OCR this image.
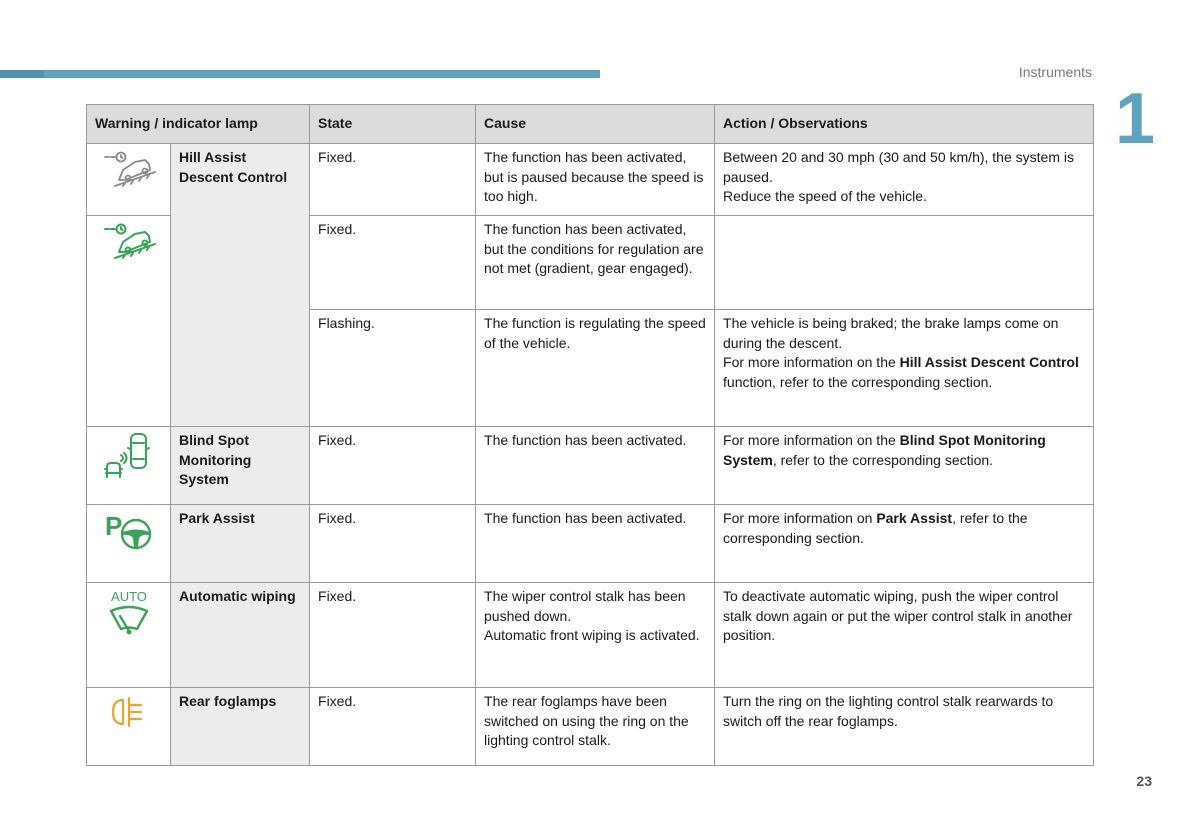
Instruments
1
23
Warning / indicator lamp		State	Cause	Action / Observations
	Hill Assist Descent Control	Fixed.	The function has been activated, but is paused because the speed is too high.	Between 20 and 30 mph (30 and 50 km/h), the system is paused.
Reduce the speed of the vehicle.

	Fixed.	The function has been activated, but the conditions for regulation are not met (gradient, gear engaged).	
		Flashing.	The function is regulating the speed of the vehicle.	The vehicle is being braked; the brake lamps come on during the descent.
For more information on the Hill Assist Descent Control function, refer to the corresponding section.

	Blind Spot Monitoring System	Fixed.	The function has been activated.	For more information on the Blind Spot Monitoring System, refer to the corresponding section.

P	Park Assist	Fixed.	The function has been activated.	For more information on Park Assist, refer to the corresponding section.

AUTO	Automatic wiping	Fixed.	The wiper control stalk has been pushed down.
Automatic front wiping is activated.	To deactivate automatic wiping, push the wiper control stalk down again or put the wiper control stalk in another position.
	Rear foglamps	Fixed.	The rear foglamps have been switched on using the ring on the lighting control stalk.	Turn the ring on the lighting control stalk rearwards to switch off the rear foglamps.
